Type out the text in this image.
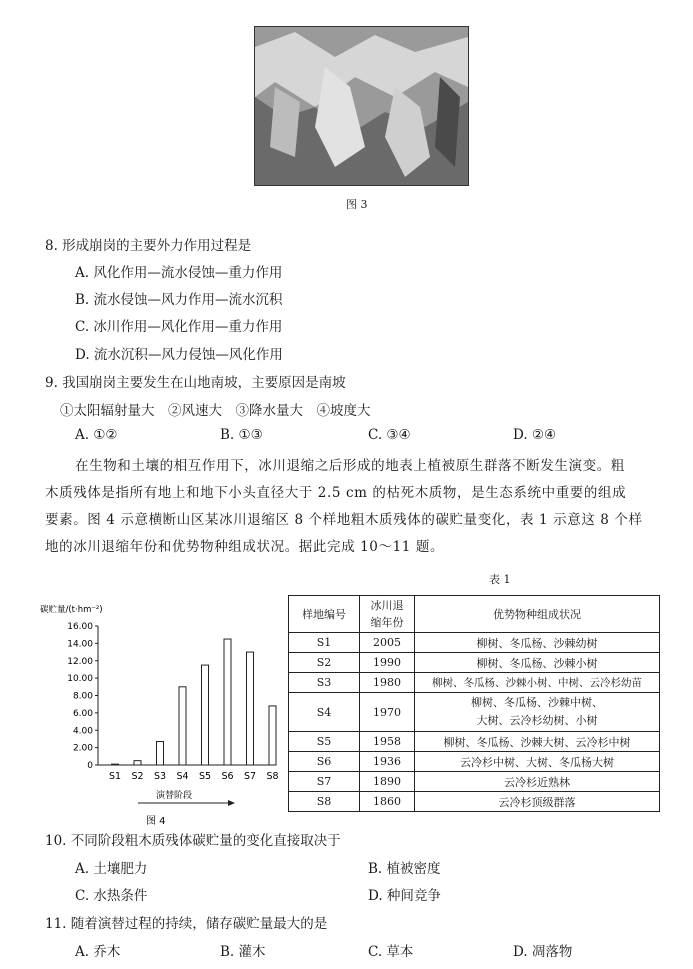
图 3
8. 形成崩岗的主要外力作用过程是
A. 风化作用—流水侵蚀—重力作用
B. 流水侵蚀—风力作用—流水沉积
C. 冰川作用—风化作用—重力作用
D. 流水沉积—风力侵蚀—风化作用
9. 我国崩岗主要发生在山地南坡，主要原因是南坡
①太阳辐射量大　②风速大　③降水量大　④坡度大
A. ①②	B. ①③	C. ③④	D. ②④
在生物和土壤的相互作用下，冰川退缩之后形成的地表上植被原生群落不断发生演变。粗
木质残体是指所有地上和地下小头直径大于 2.5 cm 的枯死木质物，是生态系统中重要的组成
要素。图 4 示意横断山区某冰川退缩区 8 个样地粗木质残体的碳贮量变化，表 1 示意这 8 个样
地的冰川退缩年份和优势物种组成状况。据此完成 10～11 题。
碳贮量/(t·hm⁻²)
0
2.00
4.00
6.00
8.00
10.00
12.00
14.00
16.00
S1 S2 S3 S4 S5 S6 S7 S8
演替阶段
图 4
表 1
样地编号	冰川退
缩年份	优势物种组成状况
S1	2005	柳树、冬瓜杨、沙棘幼树
S2	1990	柳树、冬瓜杨、沙棘小树
S3	1980	柳树、冬瓜杨、沙棘小树、中树、云冷杉幼苗
S4	1970	柳树、冬瓜杨、沙棘中树、
大树、云冷杉幼树、小树
S5	1958	柳树、冬瓜杨、沙棘大树、云冷杉中树
S6	1936	云冷杉中树、大树、冬瓜杨大树
S7	1890	云冷杉近熟林
S8	1860	云冷杉顶级群落
10. 不同阶段粗木质残体碳贮量的变化直接取决于
A. 土壤肥力	B. 植被密度
C. 水热条件	D. 种间竞争
11. 随着演替过程的持续，储存碳贮量最大的是
A. 乔木	B. 灌木	C. 草本	D. 凋落物
